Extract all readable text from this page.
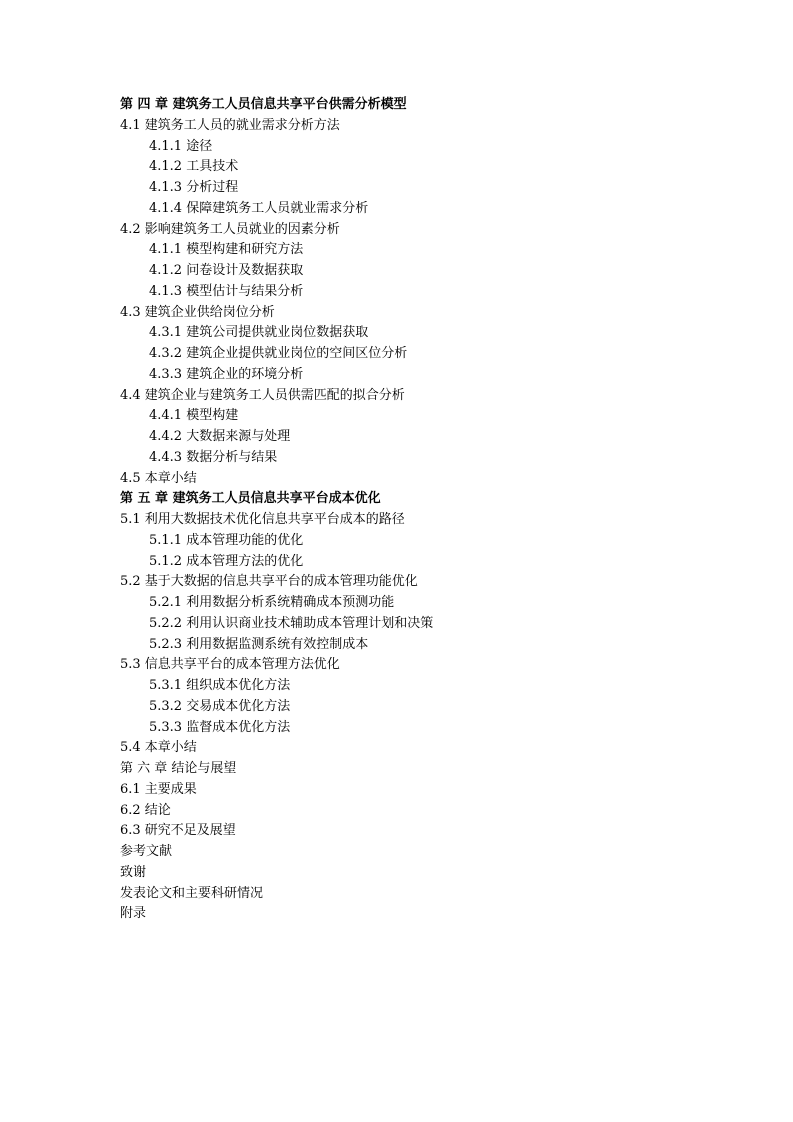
第 四 章 建筑务工人员信息共享平台供需分析模型
4.1 建筑务工人员的就业需求分析方法
4.1.1 途径
4.1.2 工具技术
4.1.3 分析过程
4.1.4 保障建筑务工人员就业需求分析
4.2 影响建筑务工人员就业的因素分析
4.1.1 模型构建和研究方法
4.1.2 问卷设计及数据获取
4.1.3 模型估计与结果分析
4.3 建筑企业供给岗位分析
4.3.1 建筑公司提供就业岗位数据获取
4.3.2 建筑企业提供就业岗位的空间区位分析
4.3.3 建筑企业的环境分析
4.4 建筑企业与建筑务工人员供需匹配的拟合分析
4.4.1 模型构建
4.4.2 大数据来源与处理
4.4.3 数据分析与结果
4.5 本章小结
第 五 章 建筑务工人员信息共享平台成本优化
5.1 利用大数据技术优化信息共享平台成本的路径
5.1.1 成本管理功能的优化
5.1.2 成本管理方法的优化
5.2 基于大数据的信息共享平台的成本管理功能优化
5.2.1 利用数据分析系统精确成本预测功能
5.2.2 利用认识商业技术辅助成本管理计划和决策
5.2.3 利用数据监测系统有效控制成本
5.3 信息共享平台的成本管理方法优化
5.3.1 组织成本优化方法
5.3.2 交易成本优化方法
5.3.3 监督成本优化方法
5.4 本章小结
第 六 章 结论与展望
6.1 主要成果
6.2 结论
6.3 研究不足及展望
参考文献
致谢
发表论文和主要科研情况
附录
